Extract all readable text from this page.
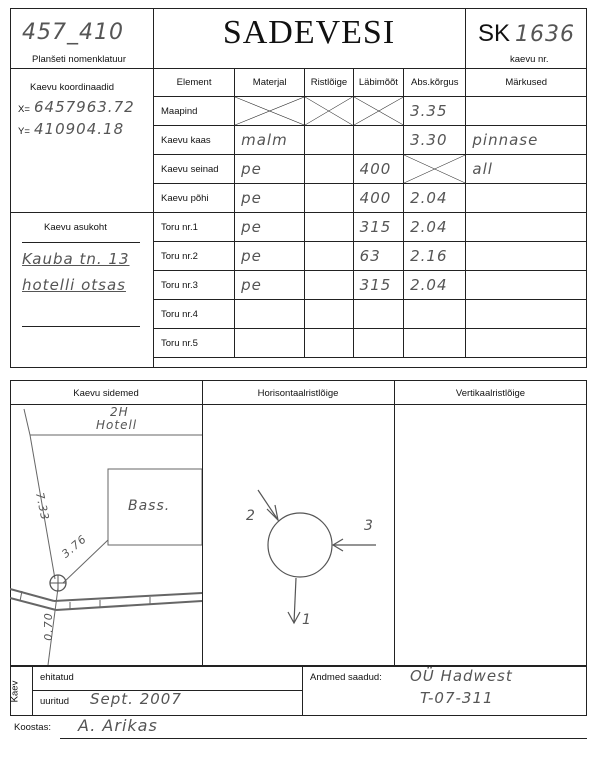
457_410
Planšeti nomenklatuur
SADEVESI	SK 1636
kaevu nr.
Kaevu koordinaadid
X= 6457963.72
Y= 410904.18
Kaevu asukoht
Kauba tn. 13
hotelli otsas
Element	Materjal	Ristlõige	Läbimõõt	Abs.kõrgus	Märkused
Maapind				3.35	
Kaevu kaas	malm			3.30	pinnase
Kaevu seinad	pe		400		all
Kaevu põhi	pe		400	2.04	
Toru nr.1	pe		315	2.04	
Toru nr.2	pe		63	2.16	
Toru nr.3	pe		315	2.04	
Toru nr.4					
Toru nr.5					
Kaevu sidemed	Horisontaalristlõige	Vertikaalristlõige
2H
Hotell
Bass.
7.33
3.76
0.70
2
3
1
Kaev
ehitatud
uuritud Sept. 2007
Andmed saadud: OÜ Hadwest
T-07-311
Koostas: A. Arikas
